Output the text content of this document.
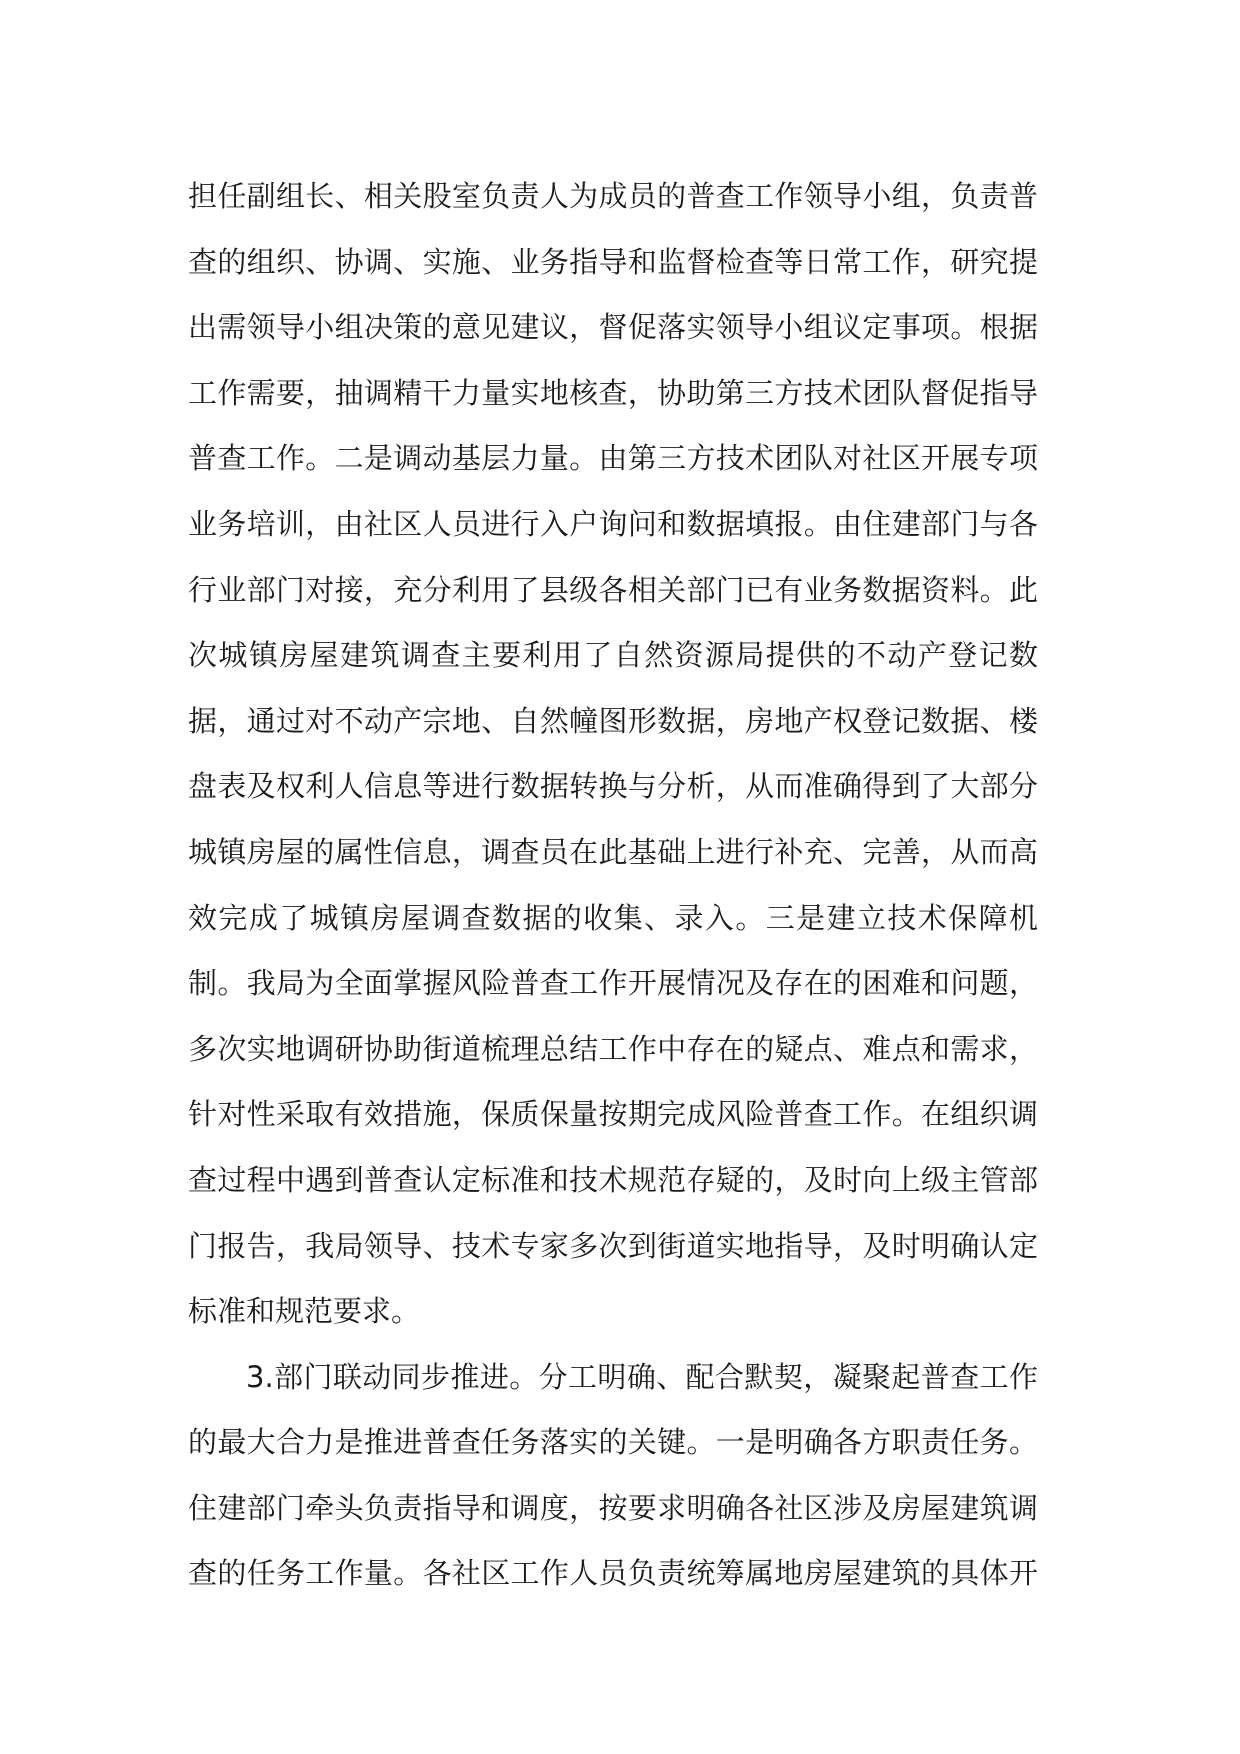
担任副组长、相关股室负责人为成员的普查工作领导小组，负责普
查的组织、协调、实施、业务指导和监督检查等日常工作，研究提
出需领导小组决策的意见建议，督促落实领导小组议定事项。根据
工作需要，抽调精干力量实地核查，协助第三方技术团队督促指导
普查工作。二是调动基层力量。由第三方技术团队对社区开展专项
业务培训，由社区人员进行入户询问和数据填报。由住建部门与各
行业部门对接，充分利用了县级各相关部门已有业务数据资料。此
次城镇房屋建筑调查主要利用了自然资源局提供的不动产登记数
据，通过对不动产宗地、自然幢图形数据，房地产权登记数据、楼
盘表及权利人信息等进行数据转换与分析，从而准确得到了大部分
城镇房屋的属性信息，调查员在此基础上进行补充、完善，从而高
效完成了城镇房屋调查数据的收集、录入。三是建立技术保障机
制。我局为全面掌握风险普查工作开展情况及存在的困难和问题，
多次实地调研协助街道梳理总结工作中存在的疑点、难点和需求，
针对性采取有效措施，保质保量按期完成风险普查工作。在组织调
查过程中遇到普查认定标准和技术规范存疑的，及时向上级主管部
门报告，我局领导、技术专家多次到街道实地指导，及时明确认定
标准和规范要求。

3.部门联动同步推进。分工明确、配合默契，凝聚起普查工作
的最大合力是推进普查任务落实的关键。一是明确各方职责任务。
住建部门牵头负责指导和调度，按要求明确各社区涉及房屋建筑调
查的任务工作量。各社区工作人员负责统筹属地房屋建筑的具体开
